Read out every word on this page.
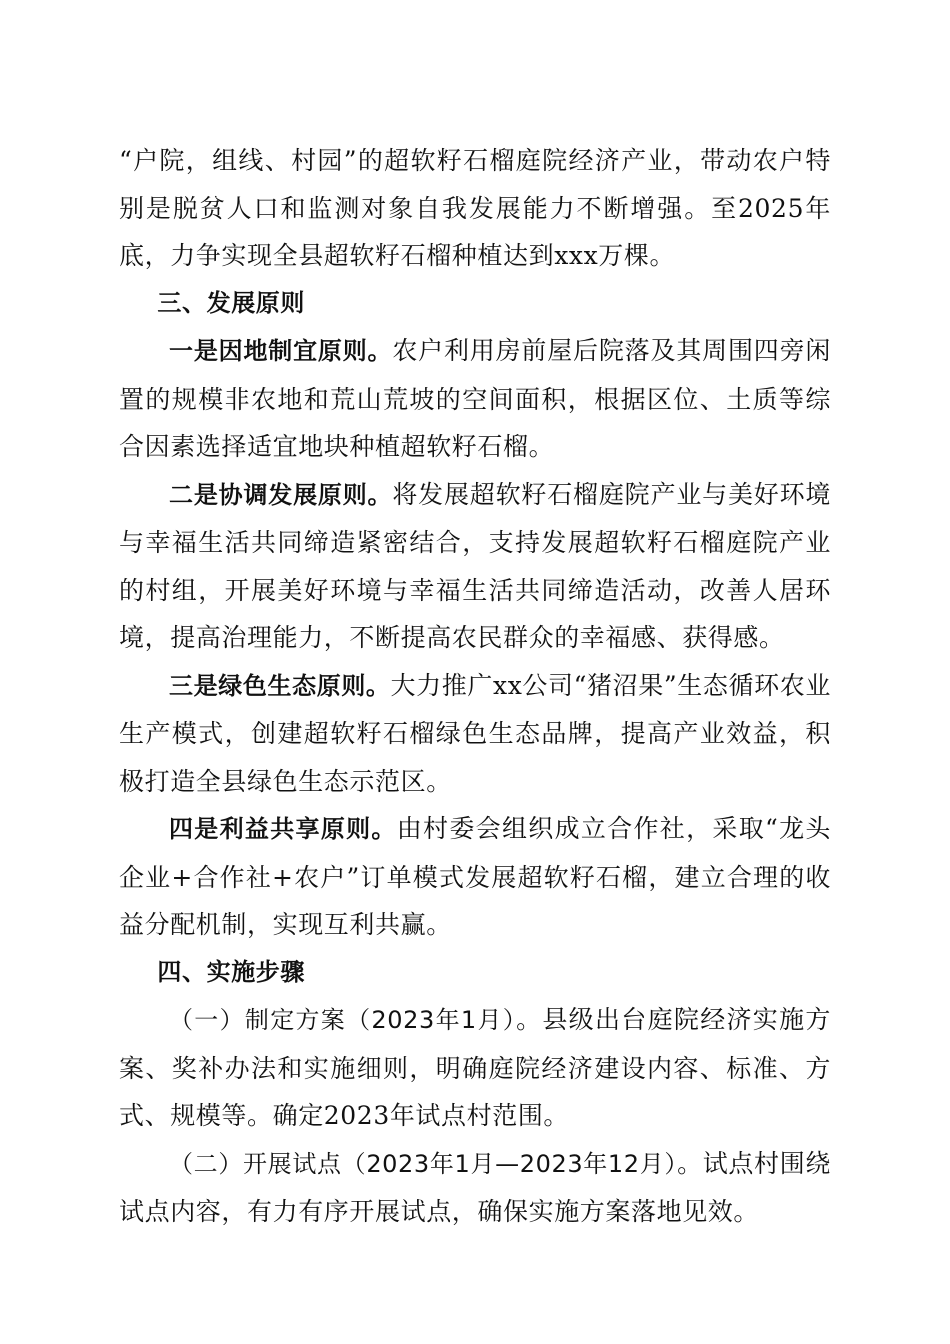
“户院，组线、村园”的超软籽石榴庭院经济产业，带动农户特别是脱贫人口和监测对象自我发展能力不断增强。至2025年底，力争实现全县超软籽石榴种植达到xxx万棵。

三、发展原则

一是因地制宜原则。农户利用房前屋后院落及其周围四旁闲置的规模非农地和荒山荒坡的空间面积，根据区位、土质等综合因素选择适宜地块种植超软籽石榴。

二是协调发展原则。将发展超软籽石榴庭院产业与美好环境与幸福生活共同缔造紧密结合，支持发展超软籽石榴庭院产业的村组，开展美好环境与幸福生活共同缔造活动，改善人居环境，提高治理能力，不断提高农民群众的幸福感、获得感。

三是绿色生态原则。大力推广xx公司“猪沼果”生态循环农业生产模式，创建超软籽石榴绿色生态品牌，提高产业效益，积极打造全县绿色生态示范区。

四是利益共享原则。由村委会组织成立合作社，采取“龙头企业+合作社+农户”订单模式发展超软籽石榴，建立合理的收益分配机制，实现互利共赢。

四、实施步骤

（一）制定方案（2023年1月）。县级出台庭院经济实施方案、奖补办法和实施细则，明确庭院经济建设内容、标准、方式、规模等。确定2023年试点村范围。

（二）开展试点（2023年1月—2023年12月）。试点村围绕试点内容，有力有序开展试点，确保实施方案落地见效。
